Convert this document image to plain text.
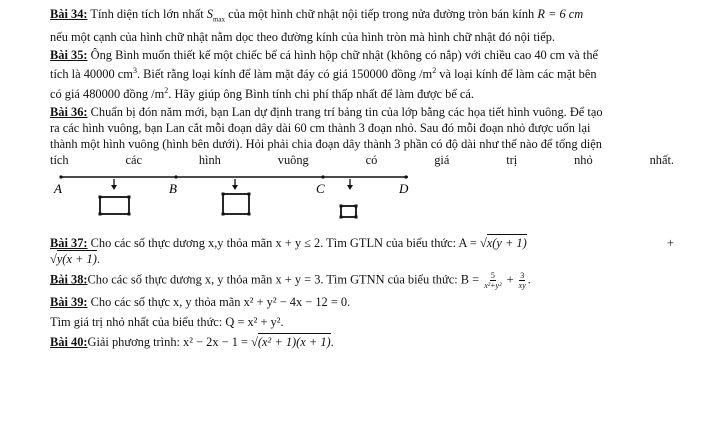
Bài 34: Tính diện tích lớn nhất $S_{max}$ của một hình chữ nhật nội tiếp trong nửa đường tròn bán kính R = 6 cm

nếu một cạnh của hình chữ nhật nằm dọc theo đường kính của hình tròn mà hình chữ nhật đó nội tiếp.

Bài 35: Ông Bình muốn thiết kế một chiếc bể cá hình hộp chữ nhật (không có nắp) với chiều cao 40 cm và thể

tích là 40000 $cm^3$. Biết rằng loại kính để làm mặt đáy có giá 150000 đồng $/m^2$ và loại kính để làm các mặt bên

có giá 480000 đồng $/m^2$. Hãy giúp ông Bình tính chi phí thấp nhất để làm được bể cá.

Bài 36: Chuẩn bị đón năm mới, bạn Lan dự định trang trí bảng tin của lớp bằng các họa tiết hình vuông. Để tạo

ra các hình vuông, bạn Lan cắt mỗi đoạn dây dài 60 cm thành 3 đoạn nhỏ. Sau đó mỗi đoạn nhỏ được uốn lại

thành một hình vuông (hình bên dưới). Hỏi phải chia đoạn dây thành 3 phần có độ dài như thế nào để tổng diện

tích	các	hình	vuông	có	giá	trị	nhỏ	nhất.

A	B	C	D

Bài 37: Cho các số thực dương x,y thỏa mãn x + y ≤ 2. Tìm GTLN của biểu thức: A = √x(y + 1)	+

√y(x + 1).

Bài 38:Cho các số thực dương x, y thỏa mãn x + y = 3. Tìm GTNN của biểu thức: $B = \frac{5}{\text{x²+y²}} + \frac{3}{xy}$ .

Bài 39: Cho các số thực x, y thỏa mãn x² + y² − 4x − 12 = 0.

Tìm giá trị nhỏ nhất của biểu thức: Q = x² + y².

Bài 40:Giải phương trình: x² − 2x − 1 = √(x² + 1)(x + 1).
